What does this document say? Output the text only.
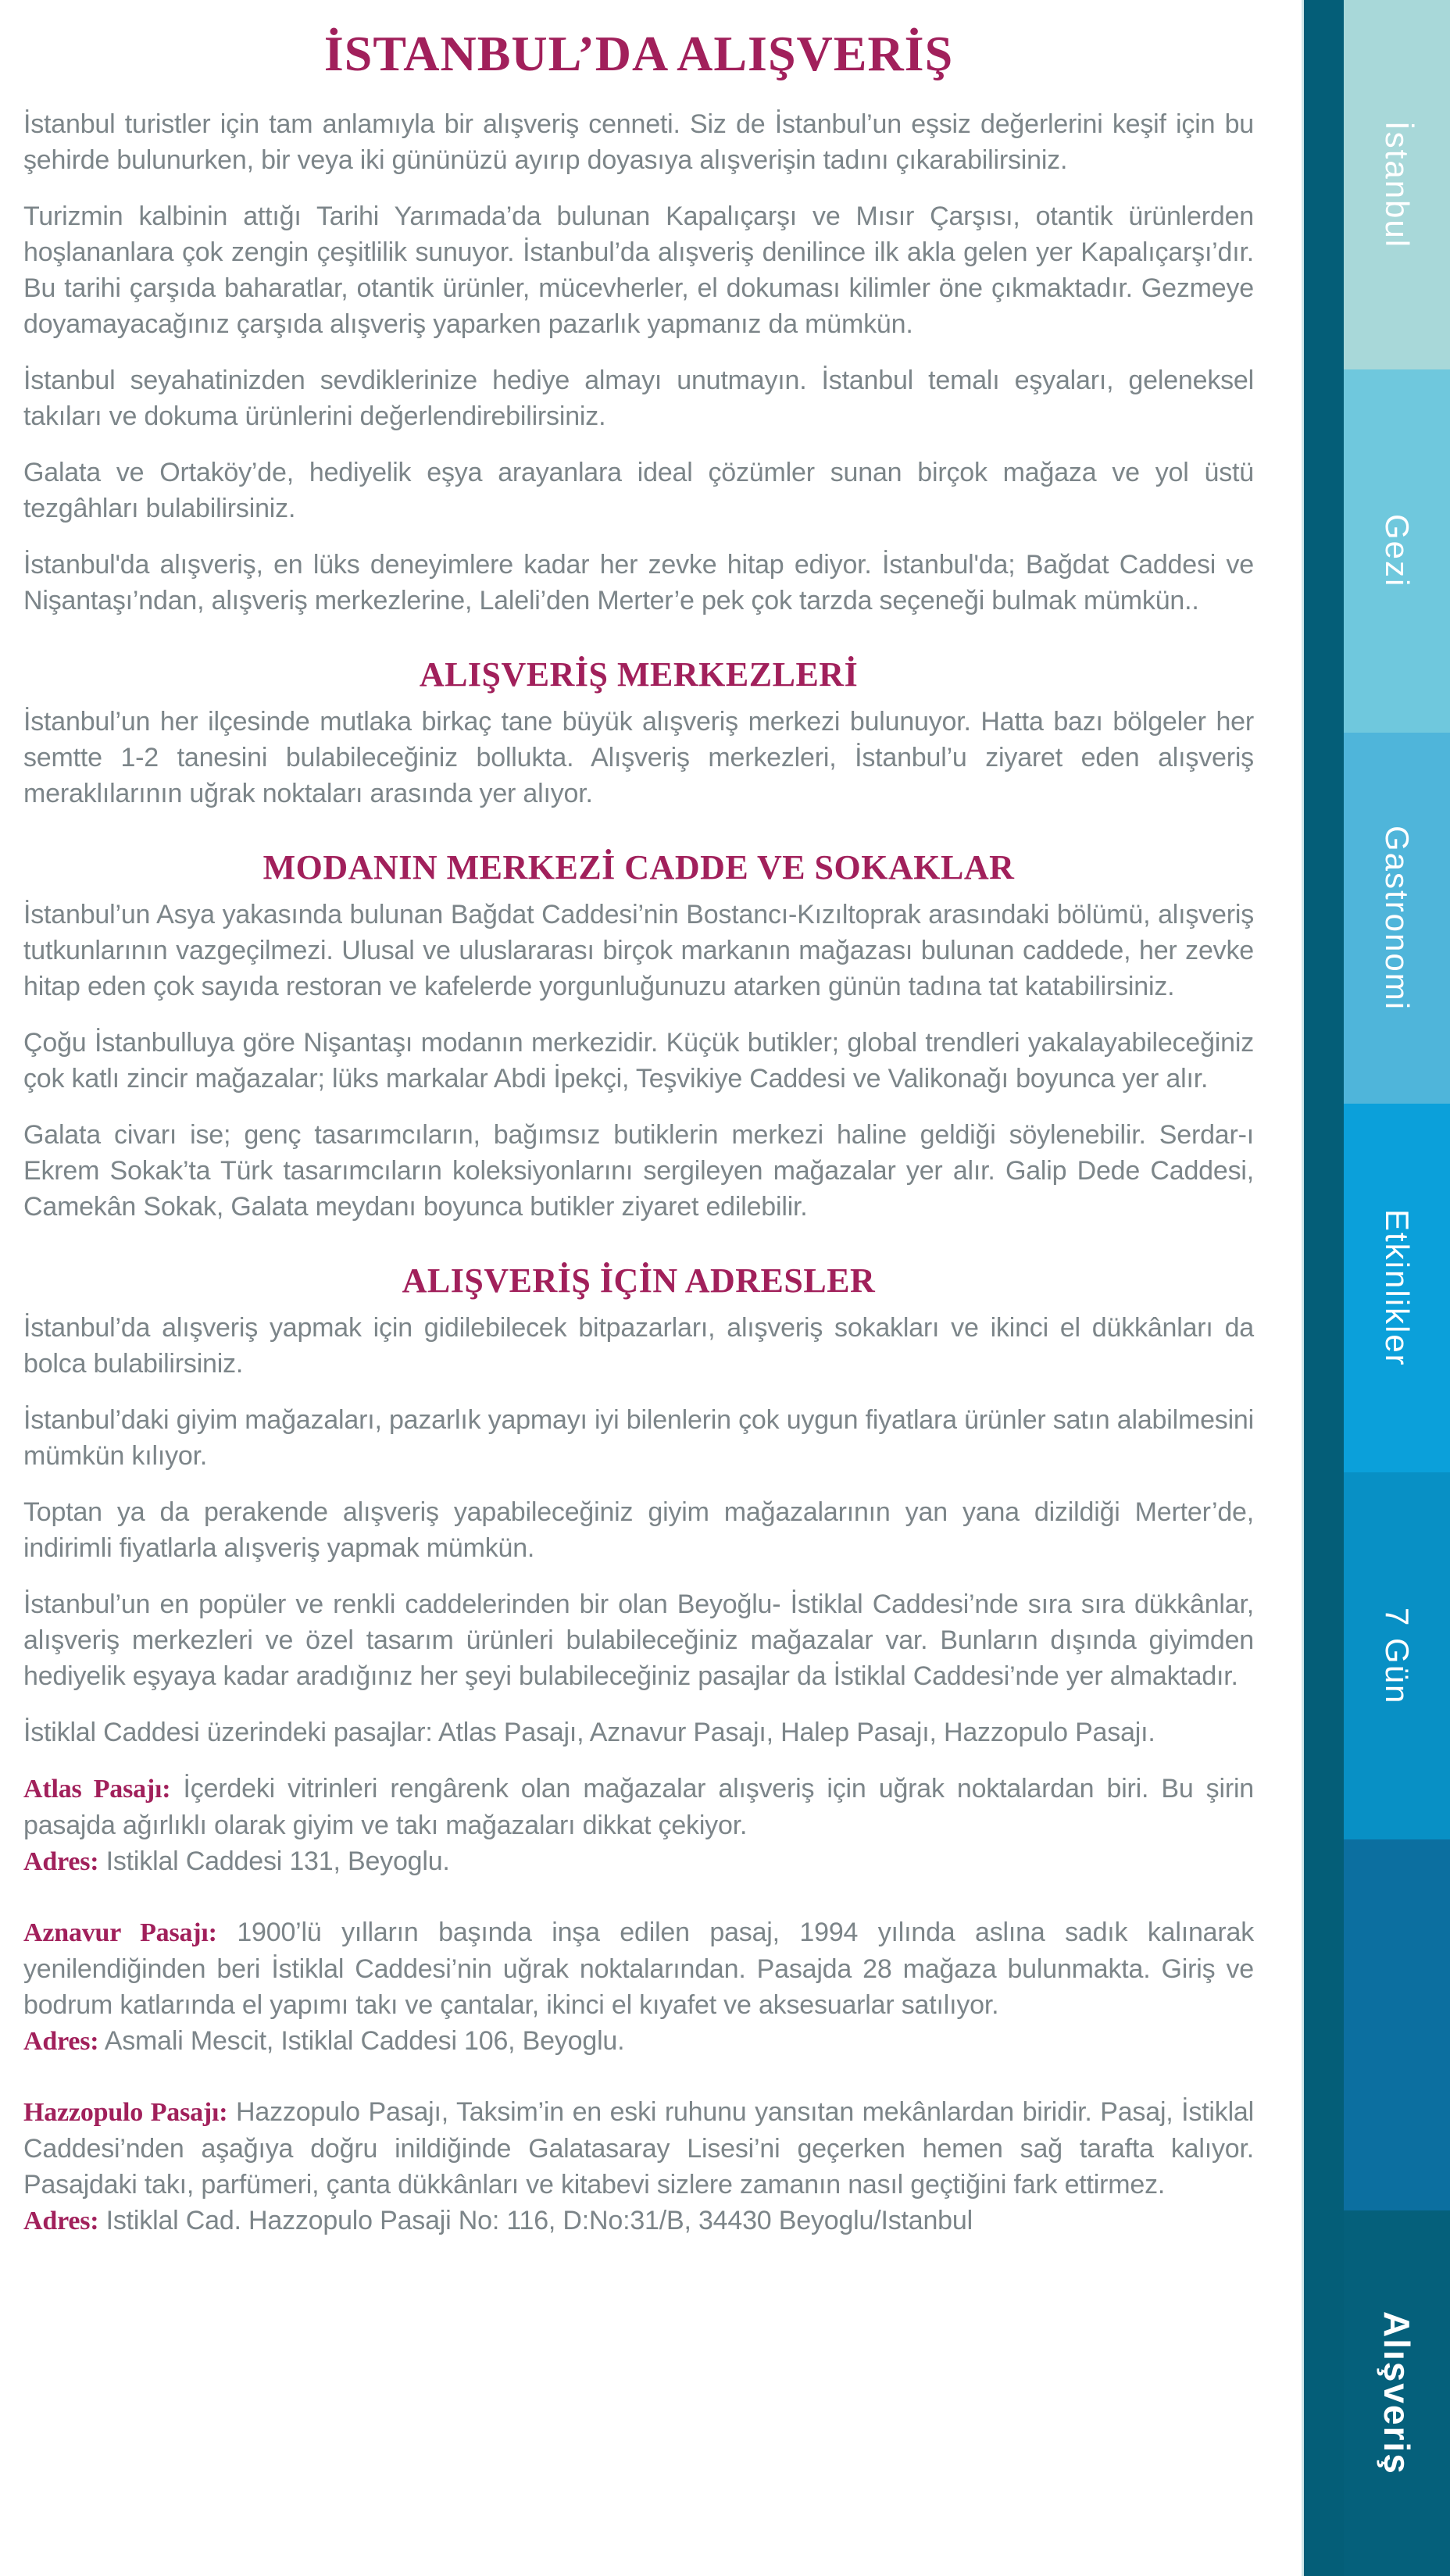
İSTANBUL’DA ALIŞVERİŞ

İstanbul turistler için tam anlamıyla bir alışveriş cenneti. Siz de İstanbul’un eşsiz değerlerini keşif için bu şehirde bulunurken, bir veya iki gününüzü ayırıp doyasıya alışverişin tadını çıkarabilirsiniz.

Turizmin kalbinin attığı Tarihi Yarımada’da bulunan Kapalıçarşı ve Mısır Çarşısı, otantik ürünlerden hoşlananlara çok zengin çeşitlilik sunuyor. İstanbul’da alışveriş denilince ilk akla gelen yer Kapalıçarşı’dır. Bu tarihi çarşıda baharatlar, otantik ürünler, mücevherler, el dokuması kilimler öne çıkmaktadır. Gezmeye doyamayacağınız çarşıda alışveriş yaparken pazarlık yapmanız da mümkün.

İstanbul seyahatinizden sevdiklerinize hediye almayı unutmayın. İstanbul temalı eşyaları, geleneksel takıları ve dokuma ürünlerini değerlendirebilirsiniz.

Galata ve Ortaköy’de, hediyelik eşya arayanlara ideal çözümler sunan birçok mağaza ve yol üstü tezgâhları bulabilirsiniz.

İstanbul'da alışveriş, en lüks deneyimlere kadar her zevke hitap ediyor. İstanbul'da; Bağdat Caddesi ve Nişantaşı’ndan, alışveriş merkezlerine, Laleli’den Merter’e pek çok tarzda seçeneği bulmak mümkün..

ALIŞVERİŞ MERKEZLERİ

İstanbul’un her ilçesinde mutlaka birkaç tane büyük alışveriş merkezi bulunuyor. Hatta bazı bölgeler her semtte 1-2 tanesini bulabileceğiniz bollukta. Alışveriş merkezleri, İstanbul’u ziyaret eden alışveriş meraklılarının uğrak noktaları arasında yer alıyor.

MODANIN MERKEZİ CADDE VE SOKAKLAR

İstanbul’un Asya yakasında bulunan Bağdat Caddesi’nin Bostancı-Kızıltoprak arasındaki bölümü, alışveriş tutkunlarının vazgeçilmezi. Ulusal ve uluslararası birçok markanın mağazası bulunan caddede, her zevke hitap eden çok sayıda restoran ve kafelerde yorgunluğunuzu atarken günün tadına tat katabilirsiniz.

Çoğu İstanbulluya göre Nişantaşı modanın merkezidir. Küçük butikler; global trendleri yakalayabileceğiniz çok katlı zincir mağazalar; lüks markalar Abdi İpekçi, Teşvikiye Caddesi ve Valikonağı boyunca yer alır.

Galata civarı ise; genç tasarımcıların, bağımsız butiklerin merkezi haline geldiği söylenebilir. Serdar-ı Ekrem Sokak’ta Türk tasarımcıların koleksiyonlarını sergileyen mağazalar yer alır. Galip Dede Caddesi, Camekân Sokak, Galata meydanı boyunca butikler ziyaret edilebilir.

ALIŞVERİŞ İÇİN ADRESLER

İstanbul’da alışveriş yapmak için gidilebilecek bitpazarları, alışveriş sokakları ve ikinci el dükkânları da bolca bulabilirsiniz.

İstanbul’daki giyim mağazaları, pazarlık yapmayı iyi bilenlerin çok uygun fiyatlara ürünler satın alabilmesini mümkün kılıyor.

Toptan ya da perakende alışveriş yapabileceğiniz giyim mağazalarının yan yana dizildiği Merter’de, indirimli fiyatlarla alışveriş yapmak mümkün.

İstanbul’un en popüler ve renkli caddelerinden bir olan Beyoğlu- İstiklal Caddesi’nde sıra sıra dükkânlar, alışveriş merkezleri ve özel tasarım ürünleri bulabileceğiniz mağazalar var. Bunların dışında giyimden hediyelik eşyaya kadar aradığınız her şeyi bulabileceğiniz pasajlar da İstiklal Caddesi’nde yer almaktadır.

İstiklal Caddesi üzerindeki pasajlar: Atlas Pasajı, Aznavur Pasajı, Halep Pasajı, Hazzopulo Pasajı.

Atlas Pasajı: İçerdeki vitrinleri rengârenk olan mağazalar alışveriş için uğrak noktalardan biri. Bu şirin pasajda ağırlıklı olarak giyim ve takı mağazaları dikkat çekiyor.
Adres: Istiklal Caddesi 131, Beyoglu.
Aznavur Pasajı: 1900’lü yılların başında inşa edilen pasaj, 1994 yılında aslına sadık kalınarak yenilendiğinden beri İstiklal Caddesi’nin uğrak noktalarından. Pasajda 28 mağaza bulunmakta. Giriş ve bodrum katlarında el yapımı takı ve çantalar, ikinci el kıyafet ve aksesuarlar satılıyor.
Adres: Asmali Mescit, Istiklal Caddesi 106, Beyoglu.
Hazzopulo Pasajı: Hazzopulo Pasajı, Taksim’in en eski ruhunu yansıtan mekânlardan biridir. Pasaj, İstiklal Caddesi’nden aşağıya doğru inildiğinde Galatasaray Lisesi’ni geçerken hemen sağ tarafta kalıyor. Pasajdaki takı, parfümeri, çanta dükkânları ve kitabevi sizlere zamanın nasıl geçtiğini fark ettirmez.
Adres: Istiklal Cad. Hazzopulo Pasaji No: 116, D:No:31/B, 34430 Beyoglu/Istanbul
İstanbul
Gezi
Gastronomi
Etkinlikler
7 Gün
Alışveriş
